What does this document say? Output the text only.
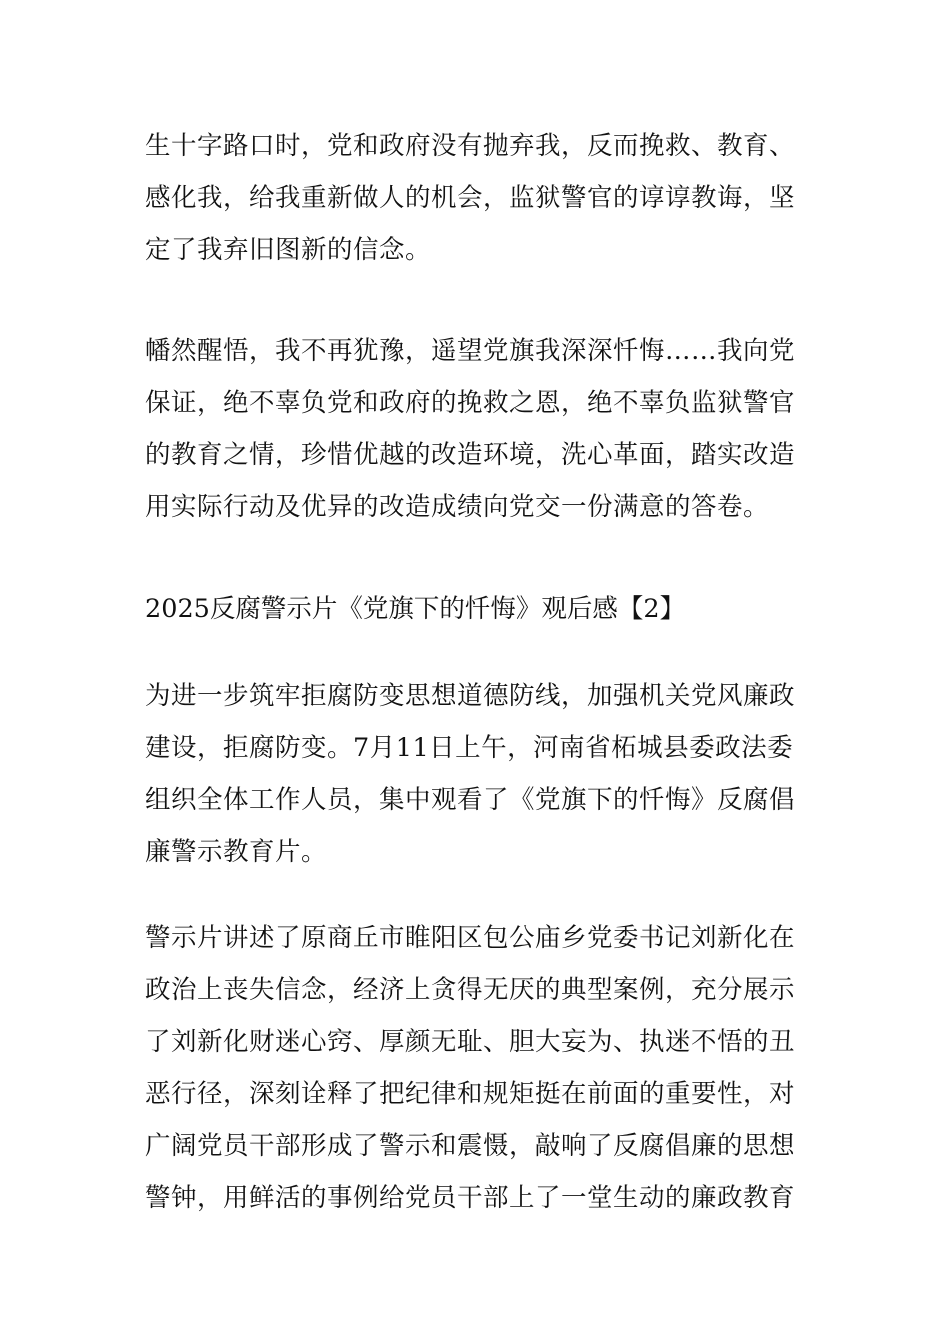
生十字路口时，党和政府没有抛弃我，反而挽救、教育、
感化我，给我重新做人的机会，监狱警官的谆谆教诲，坚
定了我弃旧图新的信念。
幡然醒悟，我不再犹豫，遥望党旗我深深忏悔……我向党
保证，绝不辜负党和政府的挽救之恩，绝不辜负监狱警官
的教育之情，珍惜优越的改造环境，洗心革面，踏实改造
用实际行动及优异的改造成绩向党交一份满意的答卷。
2025反腐警示片《党旗下的忏悔》观后感【2】
为进一步筑牢拒腐防变思想道德防线，加强机关党风廉政
建设，拒腐防变。7月11日上午，河南省柘城县委政法委
组织全体工作人员，集中观看了《党旗下的忏悔》反腐倡
廉警示教育片。
警示片讲述了原商丘市睢阳区包公庙乡党委书记刘新化在
政治上丧失信念，经济上贪得无厌的典型案例，充分展示
了刘新化财迷心窍、厚颜无耻、胆大妄为、执迷不悟的丑
恶行径，深刻诠释了把纪律和规矩挺在前面的重要性，对
广阔党员干部形成了警示和震慑，敲响了反腐倡廉的思想
警钟，用鲜活的事例给党员干部上了一堂生动的廉政教育
